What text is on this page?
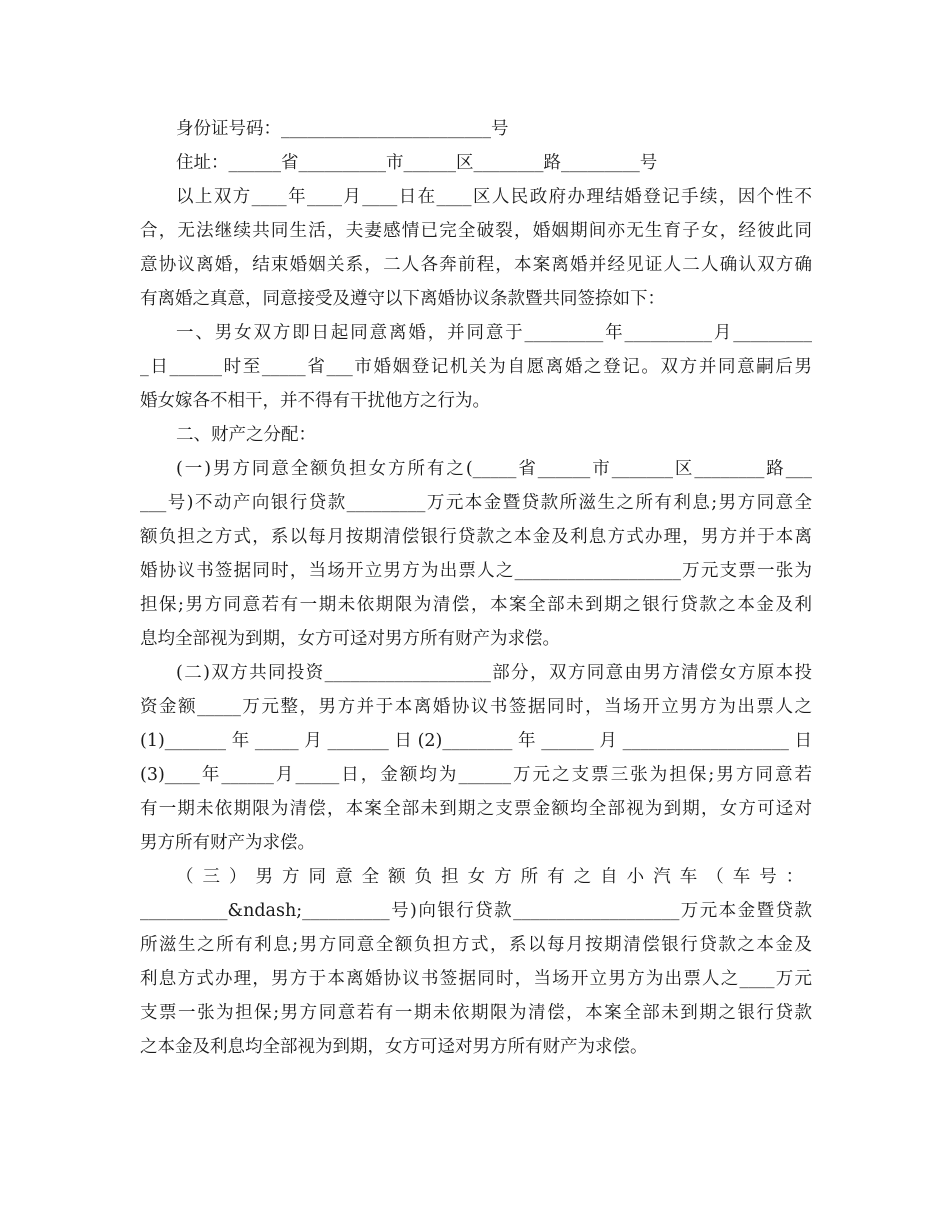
身份证号码：________________________号
住址：______省__________市______区________路_________号
以上双方____年____月____日在____区人民政府办理结婚登记手续，因个性不
合，无法继续共同生活，夫妻感情已完全破裂，婚姻期间亦无生育子女，经彼此同
意协议离婚，结束婚姻关系，二人各奔前程，本案离婚并经见证人二人确认双方确
有离婚之真意，同意接受及遵守以下离婚协议条款暨共同签捺如下：
一、男女双方即日起同意离婚，并同意于_________年__________月_________
_日______时至_____省___市婚姻登记机关为自愿离婚之登记。双方并同意嗣后男
婚女嫁各不相干，并不得有干扰他方之行为。
二、财产之分配：
(一)男方同意全额负担女方所有之(_____省______市_______区________路___
___号)不动产向银行贷款_________万元本金暨贷款所滋生之所有利息;男方同意全
额负担之方式，系以每月按期清偿银行贷款之本金及利息方式办理，男方并于本离
婚协议书签据同时，当场开立男方为出票人之___________________万元支票一张为
担保;男方同意若有一期未依期限为清偿，本案全部未到期之银行贷款之本金及利
息均全部视为到期，女方可迳对男方所有财产为求偿。
(二)双方共同投资___________________部分，双方同意由男方清偿女方原本投
资金额_____万元整，男方并于本离婚协议书签据同时，当场开立男方为出票人之
(1)_______年_____月_______日(2)________年______月___________________日
(3)____年______月_____日，金额均为______万元之支票三张为担保;男方同意若
有一期未依期限为清偿，本案全部未到期之支票金额均全部视为到期，女方可迳对
男方所有财产为求偿。
（三）男方同意全额负担女方所有之自小汽车（车号：
__________&ndash;__________号)向银行贷款___________________万元本金暨贷款
所滋生之所有利息;男方同意全额负担方式，系以每月按期清偿银行贷款之本金及
利息方式办理，男方于本离婚协议书签据同时，当场开立男方为出票人之____万元
支票一张为担保;男方同意若有一期未依期限为清偿，本案全部未到期之银行贷款
之本金及利息均全部视为到期，女方可迳对男方所有财产为求偿。
